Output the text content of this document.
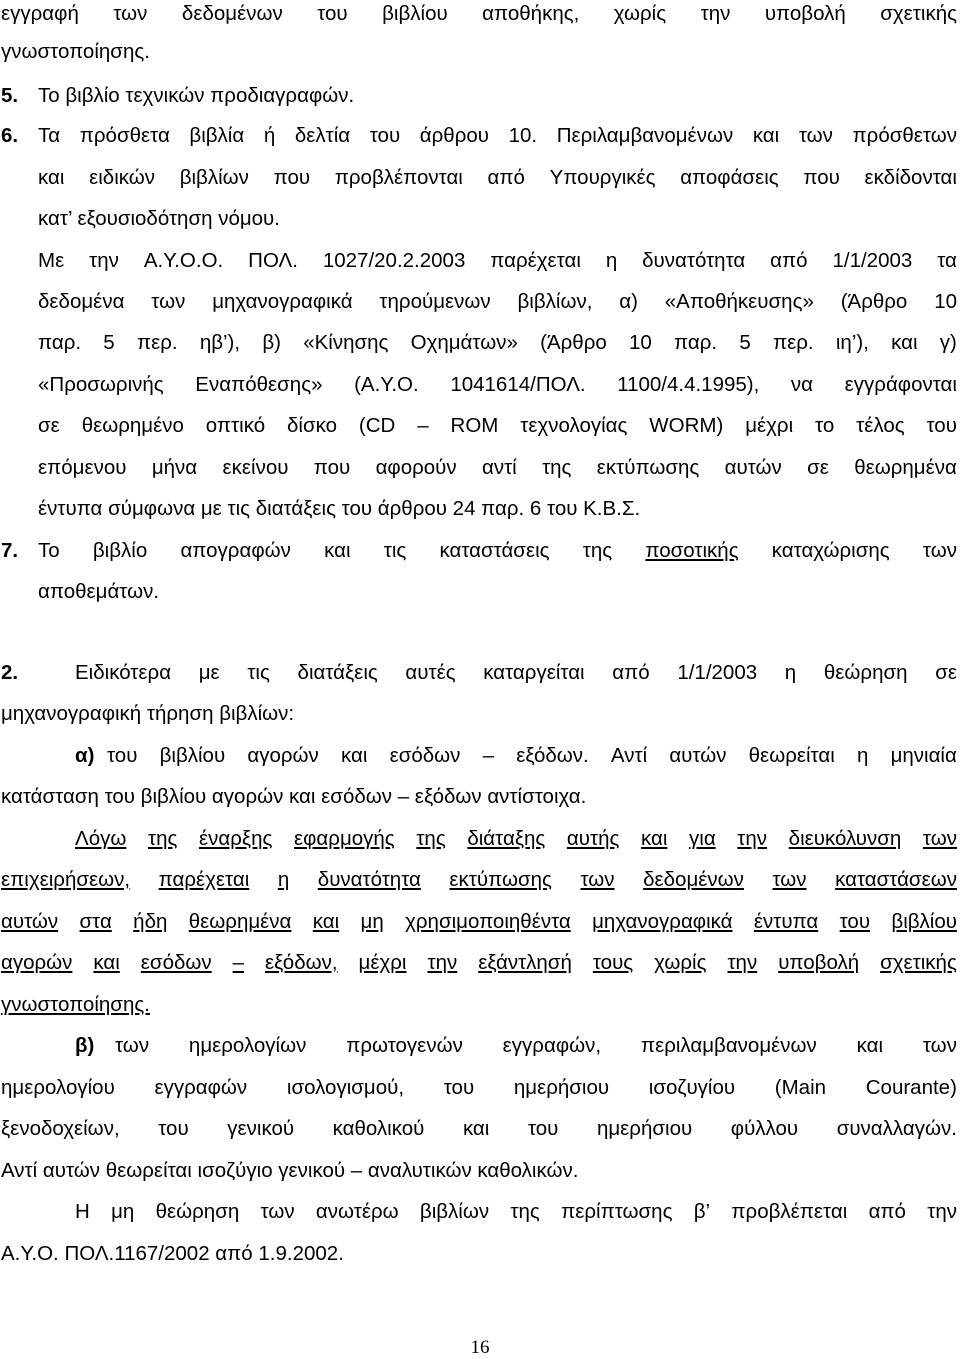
εγγραφή των δεδομένων του βιβλίου αποθήκης, χωρίς την υποβολή σχετικής
γνωστοποίησης.
5. Το βιβλίο τεχνικών προδιαγραφών.
6. Τα πρόσθετα βιβλία ή δελτία του άρθρου 10. Περιλαμβανομένων και των πρόσθετων
και ειδικών βιβλίων που προβλέπονται από Υπουργικές αποφάσεις που εκδίδονται
κατ’ εξουσιοδότηση νόμου.
Με την Α.Υ.Ο.Ο. ΠΟΛ. 1027/20.2.2003 παρέχεται η δυνατότητα από 1/1/2003 τα
δεδομένα των μηχανογραφικά τηρούμενων βιβλίων, α) «Αποθήκευσης» (Άρθρο 10
παρ. 5 περ. ηβ’), β) «Κίνησης Οχημάτων» (Άρθρο 10 παρ. 5 περ. ιη’), και γ)
«Προσωρινής Εναπόθεσης» (Α.Υ.Ο. 1041614/ΠΟΛ. 1100/4.4.1995), να εγγράφονται
σε θεωρημένο οπτικό δίσκο (CD – ROM τεχνολογίας WORM) μέχρι το τέλος του
επόμενου μήνα εκείνου που αφορούν αντί της εκτύπωσης αυτών σε θεωρημένα
έντυπα σύμφωνα με τις διατάξεις του άρθρου 24 παρ. 6 του Κ.Β.Σ.
7. Το βιβλίο απογραφών και τις καταστάσεις της ποσοτικής καταχώρισης των
αποθεμάτων.
2.	Ειδικότερα με τις διατάξεις αυτές καταργείται από 1/1/2003 η θεώρηση σε
μηχανογραφική τήρηση βιβλίων:
α) του βιβλίου αγορών και εσόδων – εξόδων. Αντί αυτών θεωρείται η μηνιαία
κατάσταση του βιβλίου αγορών και εσόδων – εξόδων αντίστοιχα.
Λόγω της έναρξης εφαρμογής της διάταξης αυτής και για την διευκόλυνση των
επιχειρήσεων, παρέχεται η δυνατότητα εκτύπωσης των δεδομένων των καταστάσεων
αυτών στα ήδη θεωρημένα και μη χρησιμοποιηθέντα μηχανογραφικά έντυπα του βιβλίου
αγορών και εσόδων – εξόδων, μέχρι την εξάντλησή τους χωρίς την υποβολή σχετικής
γνωστοποίησης.
β) των ημερολογίων πρωτογενών εγγραφών, περιλαμβανομένων και των
ημερολογίου εγγραφών ισολογισμού, του ημερήσιου ισοζυγίου (Main Courante)
ξενοδοχείων, του γενικού καθολικού και του ημερήσιου φύλλου συναλλαγών.
Αντί αυτών θεωρείται ισοζύγιο γενικού – αναλυτικών καθολικών.
Η μη θεώρηση των ανωτέρω βιβλίων της περίπτωσης β’ προβλέπεται από την
Α.Υ.Ο. ΠΟΛ.1167/2002 από 1.9.2002.
16
